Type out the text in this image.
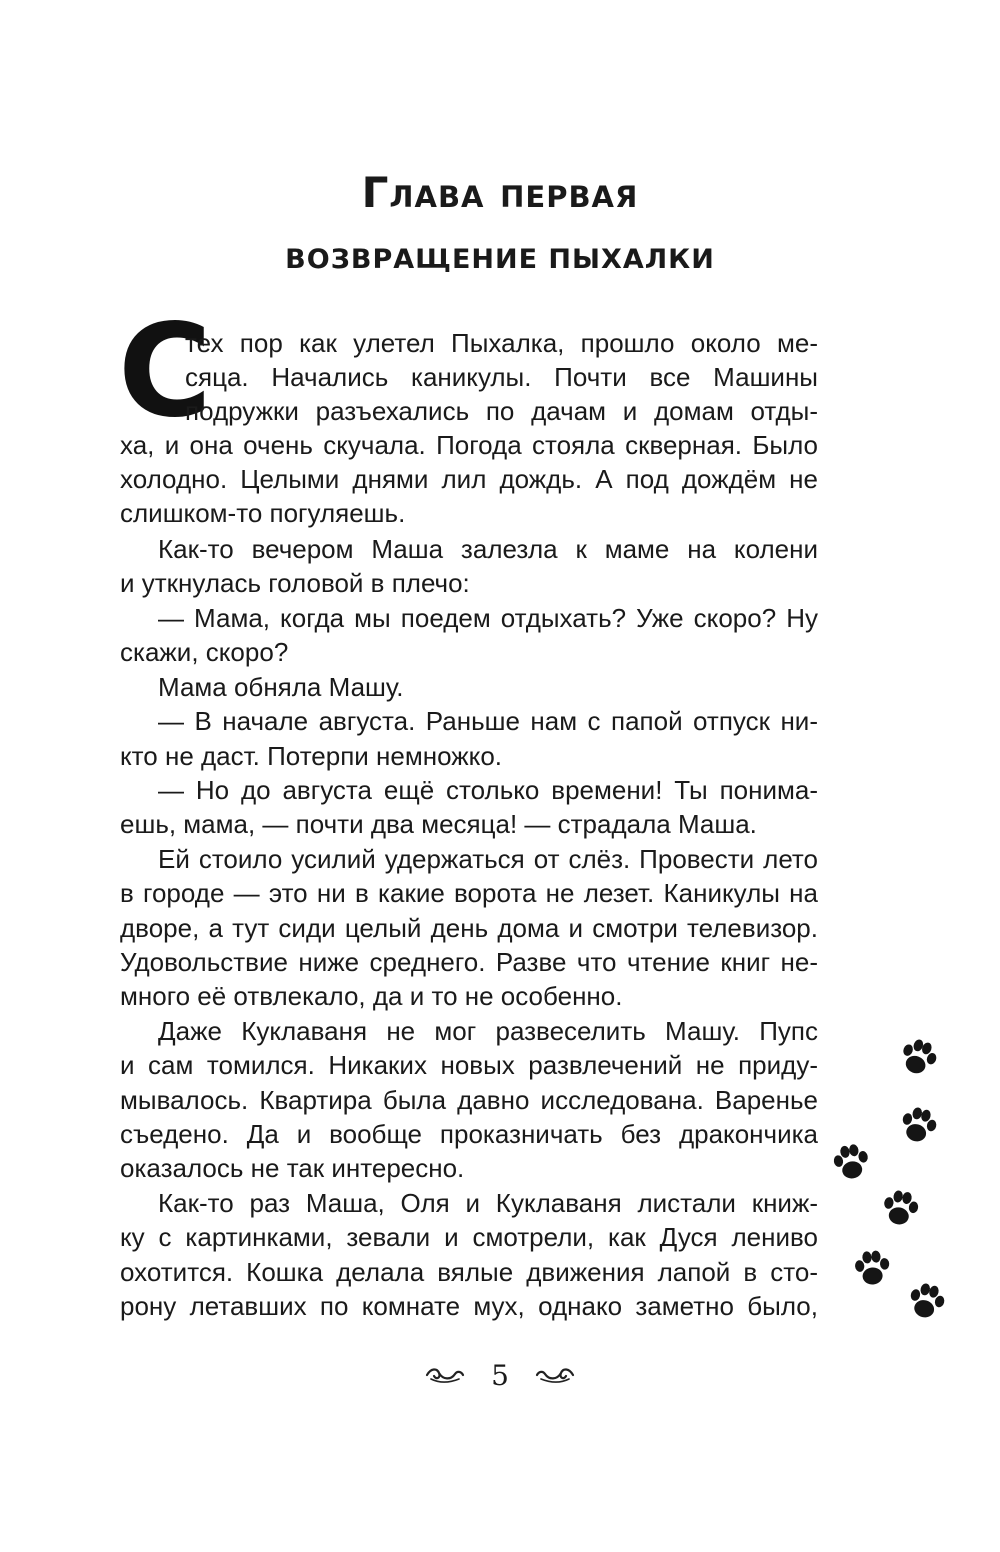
Глава первая
ВОЗВРАЩЕНИЕ ПЫХАЛКИ
С
тех пор как улетел Пыхалка, прошло около ме-
сяца. Начались каникулы. Почти все Машины
подружки разъехались по дачам и домам отды-
ха, и она очень скучала. Погода стояла скверная. Было
холодно. Целыми днями лил дождь. А под дождём не
слишком-то погуляешь.
Как-то вечером Маша залезла к маме на колени
и уткнулась головой в плечо:
— Мама, когда мы поедем отдыхать? Уже скоро? Ну
скажи, скоро?
Мама обняла Машу.
— В начале августа. Раньше нам с папой отпуск ни-
кто не даст. Потерпи немножко.
— Но до августа ещё столько времени! Ты понима-
ешь, мама, — почти два месяца! — страдала Маша.
Ей стоило усилий удержаться от слёз. Провести лето
в городе — это ни в какие ворота не лезет. Каникулы на
дворе, а тут сиди целый день дома и смотри телевизор.
Удовольствие ниже среднего. Разве что чтение книг не-
много её отвлекало, да и то не особенно.
Даже Куклаваня не мог развеселить Машу. Пупс
и сам томился. Никаких новых развлечений не приду-
мывалось. Квартира была давно исследована. Варенье
съедено. Да и вообще проказничать без дракончика
оказалось не так интересно.
Как-то раз Маша, Оля и Куклаваня листали книж-
ку с картинками, зевали и смотрели, как Дуся лениво
охотится. Кошка делала вялые движения лапой в сто-
рону летавших по комнате мух, однако заметно было,
5
